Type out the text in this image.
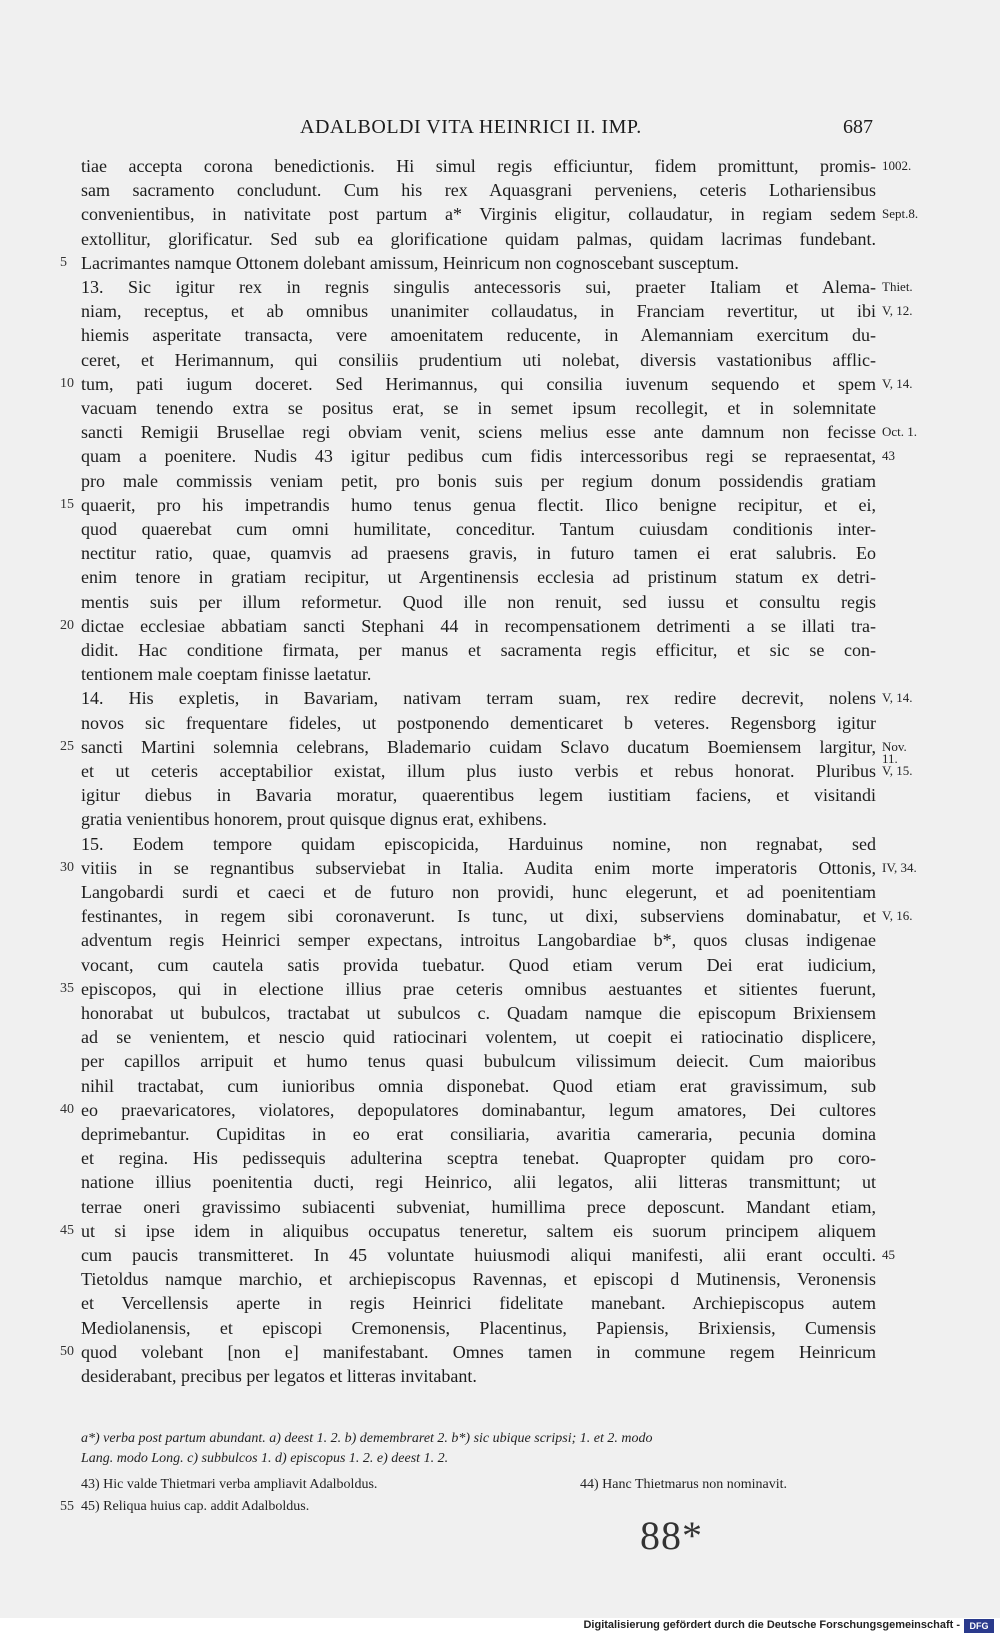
ADALBOLDI VITA HEINRICI II. IMP.	687
tiae accepta corona benedictionis. Hi simul regis efficiuntur, fidem promittunt, promis-
sam sacramento concludunt. Cum his rex Aquasgrani perveniens, ceteris Lothariensibus
convenientibus, in nativitate post partum a* Virginis eligitur, collaudatur, in regiam sedem
extollitur, glorificatur. Sed sub ea glorificatione quidam palmas, quidam lacrimas fundebant.
Lacrimantes namque Ottonem dolebant amissum, Heinricum non cognoscebant susceptum.
13. Sic igitur rex in regnis singulis antecessoris sui, praeter Italiam et Alema-
niam, receptus, et ab omnibus unanimiter collaudatus, in Franciam revertitur, ut ibi
hiemis asperitate transacta, vere amoenitatem reducente, in Alemanniam exercitum du-
ceret, et Herimannum, qui consiliis prudentium uti nolebat, diversis vastationibus afflic-
tum, pati iugum doceret. Sed Herimannus, qui consilia iuvenum sequendo et spem
vacuam tenendo extra se positus erat, se in semet ipsum recollegit, et in solemnitate
sancti Remigii Brusellae regi obviam venit, sciens melius esse ante damnum non fecisse
quam a poenitere. Nudis 43 igitur pedibus cum fidis intercessoribus regi se repraesentat,
pro male commissis veniam petit, pro bonis suis per regium donum possidendis gratiam
quaerit, pro his impetrandis humo tenus genua flectit. Ilico benigne recipitur, et ei,
quod quaerebat cum omni humilitate, conceditur. Tantum cuiusdam conditionis inter-
nectitur ratio, quae, quamvis ad praesens gravis, in futuro tamen ei erat salubris. Eo
enim tenore in gratiam recipitur, ut Argentinensis ecclesia ad pristinum statum ex detri-
mentis suis per illum reformetur. Quod ille non renuit, sed iussu et consultu regis
dictae ecclesiae abbatiam sancti Stephani 44 in recompensationem detrimenti a se illati tra-
didit. Hac conditione firmata, per manus et sacramenta regis efficitur, et sic se con-
tentionem male coeptam finisse laetatur.
14. His expletis, in Bavariam, nativam terram suam, rex redire decrevit, nolens
novos sic frequentare fideles, ut postponendo dementicaret b veteres. Regensborg igitur
sancti Martini solemnia celebrans, Blademario cuidam Sclavo ducatum Boemiensem largitur,
et ut ceteris acceptabilior existat, illum plus iusto verbis et rebus honorat. Pluribus
igitur diebus in Bavaria moratur, quaerentibus legem iustitiam faciens, et visitandi
gratia venientibus honorem, prout quisque dignus erat, exhibens.
15. Eodem tempore quidam episcopicida, Harduinus nomine, non regnabat, sed
vitiis in se regnantibus subserviebat in Italia. Audita enim morte imperatoris Ottonis,
Langobardi surdi et caeci et de futuro non providi, hunc elegerunt, et ad poenitentiam
festinantes, in regem sibi coronaverunt. Is tunc, ut dixi, subserviens dominabatur, et
adventum regis Heinrici semper expectans, introitus Langobardiae b*, quos clusas indigenae
vocant, cum cautela satis provida tuebatur. Quod etiam verum Dei erat iudicium,
episcopos, qui in electione illius prae ceteris omnibus aestuantes et sitientes fuerunt,
honorabat ut bubulcos, tractabat ut subulcos c. Quadam namque die episcopum Brixiensem
ad se venientem, et nescio quid ratiocinari volentem, ut coepit ei ratiocinatio displicere,
per capillos arripuit et humo tenus quasi bubulcum vilissimum deiecit. Cum maioribus
nihil tractabat, cum iunioribus omnia disponebat. Quod etiam erat gravissimum, sub
eo praevaricatores, violatores, depopulatores dominabantur, legum amatores, Dei cultores
deprimebantur. Cupiditas in eo erat consiliaria, avaritia cameraria, pecunia domina
et regina. His pedissequis adulterina sceptra tenebat. Quapropter quidam pro coro-
natione illius poenitentia ducti, regi Heinrico, alii legatos, alii litteras transmittunt; ut
terrae oneri gravissimo subiacenti subveniat, humillima prece deposcunt. Mandant etiam,
ut si ipse idem in aliquibus occupatus teneretur, saltem eis suorum principem aliquem
cum paucis transmitteret. In 45 voluntate huiusmodi aliqui manifesti, alii erant occulti.
Tietoldus namque marchio, et archiepiscopus Ravennas, et episcopi d Mutinensis, Veronensis
et Vercellensis aperte in regis Heinrici fidelitate manebant. Archiepiscopus autem
Mediolanensis, et episcopi Cremonensis, Placentinus, Papiensis, Brixiensis, Cumensis
quod volebant [non e] manifestabant. Omnes tamen in commune regem Heinricum
desiderabant, precibus per legatos et litteras invitabant.
5
10
15
20
25
30
35
40
45
50
1002.
Sept.8.
Thiet.
V, 12.
V, 14.
Oct. 1.
43
V, 14.
Nov.
11.
V, 15.
IV, 34.
V, 16.
45
a*) verba post partum abundant. a) deest 1. 2. b) demembraret 2. b*) sic ubique scripsi; 1. et 2. modo
Lang. modo Long. c) subbulcos 1. d) episcopus 1. 2. e) deest 1. 2.
43) Hic valde Thietmari verba ampliavit Adalboldus.	44) Hanc Thietmarus non nominavit.
45) Reliqua huius cap. addit Adalboldus.
55
88*
Digitalisierung gefördert durch die Deutsche Forschungsgemeinschaft -	DFG
